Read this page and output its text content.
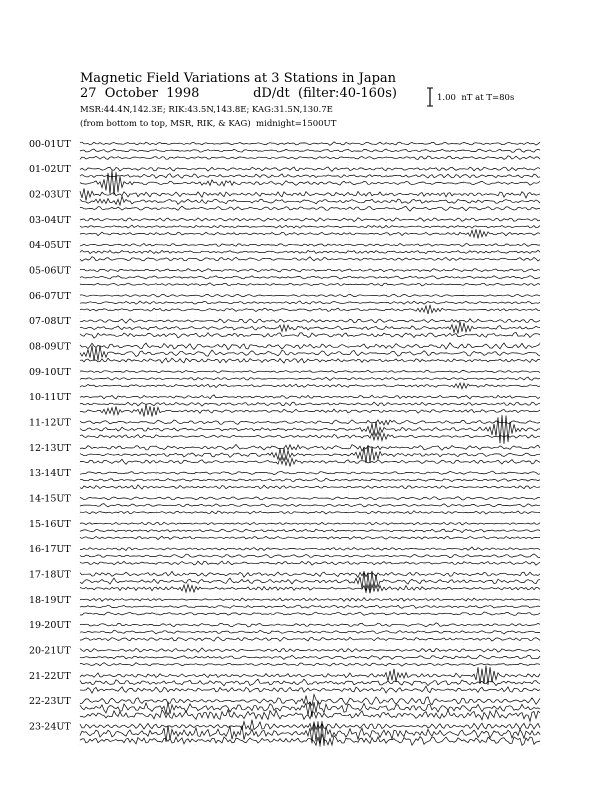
Magnetic Field Variations at 3 Stations in Japan
27  October  1998             dD/dt  (filter:40-160s)
MSR:44.4N,142.3E; RIK:43.5N,143.8E; KAG:31.5N,130.7E
(from bottom to top, MSR, RIK, & KAG)  midnight=1500UT
1.00  nT at T=80s
00-01UT
01-02UT
02-03UT
03-04UT
04-05UT
05-06UT
06-07UT
07-08UT
08-09UT
09-10UT
10-11UT
11-12UT
12-13UT
13-14UT
14-15UT
15-16UT
16-17UT
17-18UT
18-19UT
19-20UT
20-21UT
21-22UT
22-23UT
23-24UT
